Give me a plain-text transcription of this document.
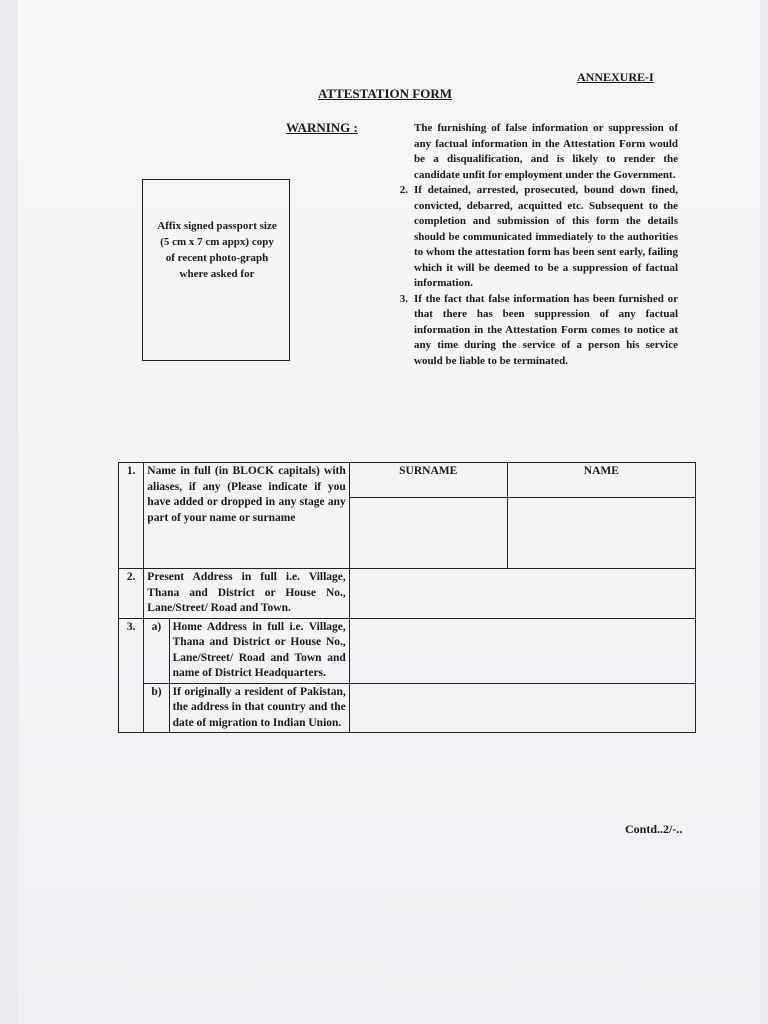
ANNEXURE-I
ATTESTATION FORM
WARNING :	The furnishing of false information or suppression of any factual information in the Attestation Form would be a disqualification, and is likely to render the candidate unfit for employment under the Government.
2. If detained, arrested, prosecuted, bound down fined, convicted, debarred, acquitted etc. Subsequent to the completion and submission of this form the details should be communicated immediately to the authorities to whom the attestation form has been sent early, failing which it will be deemed to be a suppression of factual information.
3. If the fact that false information has been furnished or that there has been suppression of any factual information in the Attestation Form comes to notice at any time during the service of a person his service would be liable to be terminated.
Affix signed passport size (5 cm x 7 cm appx) copy of recent photo-graph where asked for
1.	Name in full (in BLOCK capitals) with aliases, if any (Please indicate if you have added or dropped in any stage any part of your name or surname		SURNAME	NAME

2.	Present Address in full i.e. Village, Thana and District or House No., Lane/Street/ Road and Town.			
3.	a)	Home Address in full i.e. Village, Thana and District or House No., Lane/Street/ Road and Town and name of District Headquarters.		
	b)	If originally a resident of Pakistan, the address in that country and the date of migration to Indian Union.		
Contd..2/-..
